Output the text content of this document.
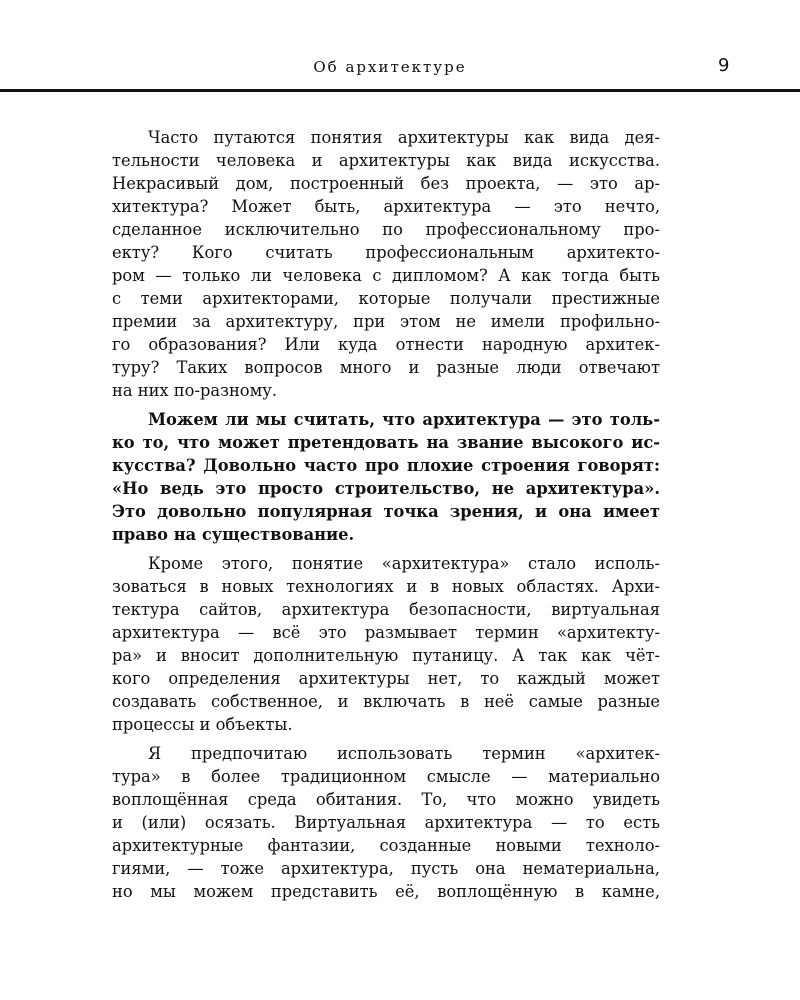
Об архитектуре	9
Часто путаются понятия архитектуры как вида дея-
тельности человека и архитектуры как вида искусства.
Некрасивый дом, построенный без проекта, — это ар-
хитектура? Может быть, архитектура — это нечто,
сделанное исключительно по профессиональному про-
екту? Кого считать профессиональным архитекто-
ром — только ли человека с дипломом? А как тогда быть
с теми архитекторами, которые получали престижные
премии за архитектуру, при этом не имели профильно-
го образования? Или куда отнести народную архитек-
туру? Таких вопросов много и разные люди отвечают
на них по-разному.
Можем ли мы считать, что архитектура — это толь-
ко то, что может претендовать на звание высокого ис-
кусства? Довольно часто про плохие строения говорят:
«Но ведь это просто строительство, не архитектура».
Это довольно популярная точка зрения, и она имеет
право на существование.
Кроме этого, понятие «архитектура» стало исполь-
зоваться в новых технологиях и в новых областях. Архи-
тектура сайтов, архитектура безопасности, виртуальная
архитектура — всё это размывает термин «архитекту-
ра» и вносит дополнительную путаницу. А так как чёт-
кого определения архитектуры нет, то каждый может
создавать собственное, и включать в неё самые разные
процессы и объекты.
Я предпочитаю использовать термин «архитек-
тура» в более традиционном смысле — материально
воплощённая среда обитания. То, что можно увидеть
и (или) осязать. Виртуальная архитектура — то есть
архитектурные фантазии, созданные новыми техноло-
гиями, — тоже архитектура, пусть она нематериальна,
но мы можем представить её, воплощённую в камне,
